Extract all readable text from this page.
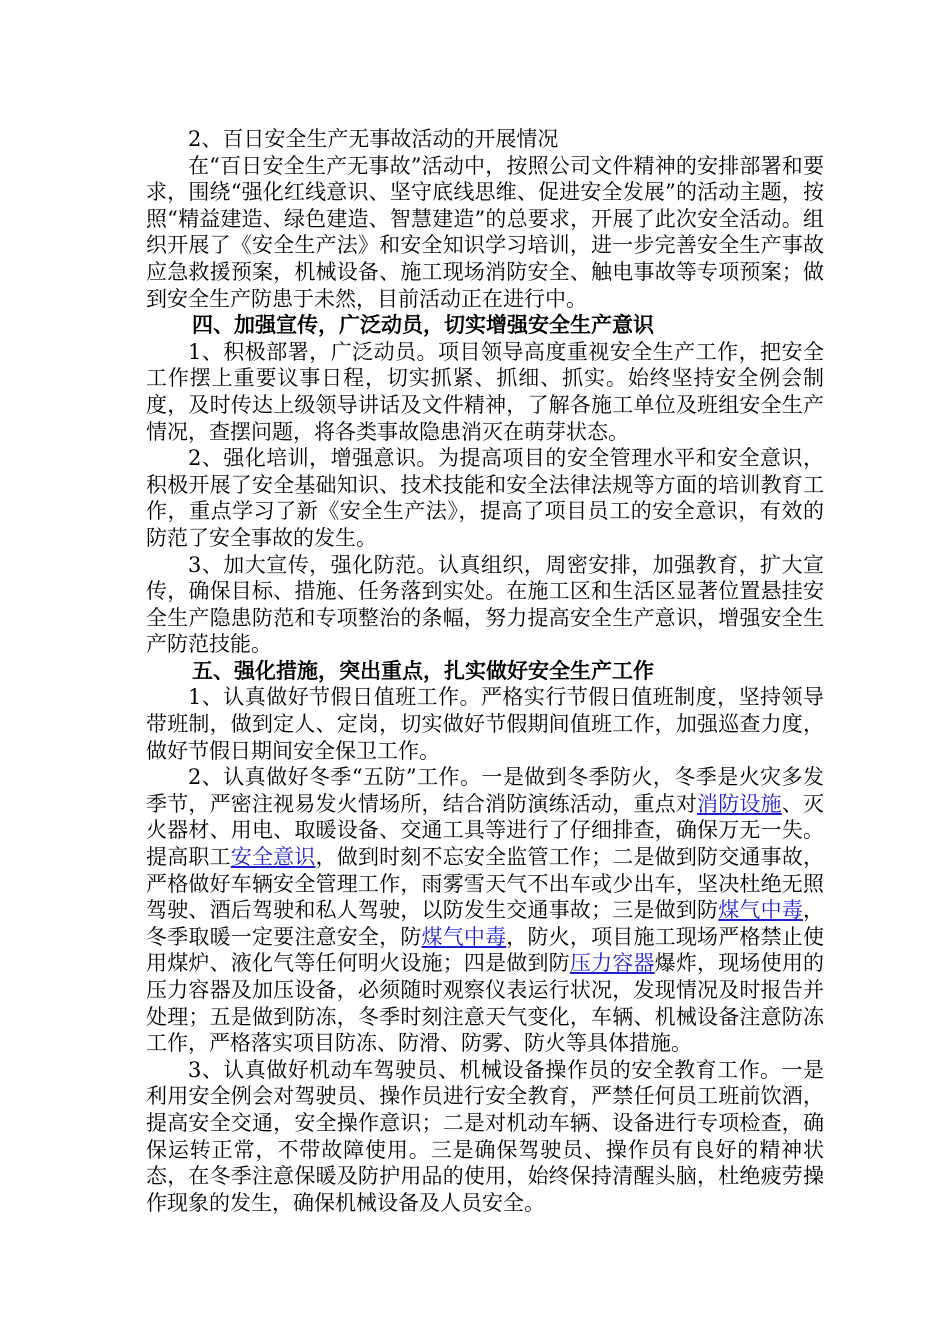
2、百日安全生产无事故活动的开展情况

在“百日安全生产无事故”活动中，按照公司文件精神的安排部署和要求，围绕“强化红线意识、坚守底线思维、促进安全发展”的活动主题，按照“精益建造、绿色建造、智慧建造”的总要求，开展了此次安全活动。组织开展了《安全生产法》和安全知识学习培训，进一步完善安全生产事故应急救援预案，机械设备、施工现场消防安全、触电事故等专项预案；做到安全生产防患于未然，目前活动正在进行中。

四、加强宣传，广泛动员，切实增强安全生产意识

1、积极部署，广泛动员。项目领导高度重视安全生产工作，把安全工作摆上重要议事日程，切实抓紧、抓细、抓实。始终坚持安全例会制度，及时传达上级领导讲话及文件精神，了解各施工单位及班组安全生产情况，查摆问题，将各类事故隐患消灭在萌芽状态。

2、强化培训，增强意识。为提高项目的安全管理水平和安全意识，积极开展了安全基础知识、技术技能和安全法律法规等方面的培训教育工作，重点学习了新《安全生产法》，提高了项目员工的安全意识，有效的防范了安全事故的发生。

3、加大宣传，强化防范。认真组织，周密安排，加强教育，扩大宣传，确保目标、措施、任务落到实处。在施工区和生活区显著位置悬挂安全生产隐患防范和专项整治的条幅，努力提高安全生产意识，增强安全生产防范技能。

五、强化措施，突出重点，扎实做好安全生产工作

1、认真做好节假日值班工作。严格实行节假日值班制度，坚持领导带班制，做到定人、定岗，切实做好节假期间值班工作，加强巡查力度，做好节假日期间安全保卫工作。

2、认真做好冬季“五防”工作。一是做到冬季防火，冬季是火灾多发季节，严密注视易发火情场所，结合消防演练活动，重点对消防设施、灭火器材、用电、取暖设备、交通工具等进行了仔细排查，确保万无一失。提高职工安全意识，做到时刻不忘安全监管工作；二是做到防交通事故，严格做好车辆安全管理工作，雨雾雪天气不出车或少出车，坚决杜绝无照驾驶、酒后驾驶和私人驾驶，以防发生交通事故；三是做到防煤气中毒，冬季取暖一定要注意安全，防煤气中毒，防火，项目施工现场严格禁止使用煤炉、液化气等任何明火设施；四是做到防压力容器爆炸，现场使用的压力容器及加压设备，必须随时观察仪表运行状况，发现情况及时报告并处理；五是做到防冻，冬季时刻注意天气变化，车辆、机械设备注意防冻工作，严格落实项目防冻、防滑、防雾、防火等具体措施。

3、认真做好机动车驾驶员、机械设备操作员的安全教育工作。一是利用安全例会对驾驶员、操作员进行安全教育，严禁任何员工班前饮酒，提高安全交通，安全操作意识；二是对机动车辆、设备进行专项检查，确保运转正常，不带故障使用。三是确保驾驶员、操作员有良好的精神状态，在冬季注意保暖及防护用品的使用，始终保持清醒头脑，杜绝疲劳操作现象的发生，确保机械设备及人员安全。
